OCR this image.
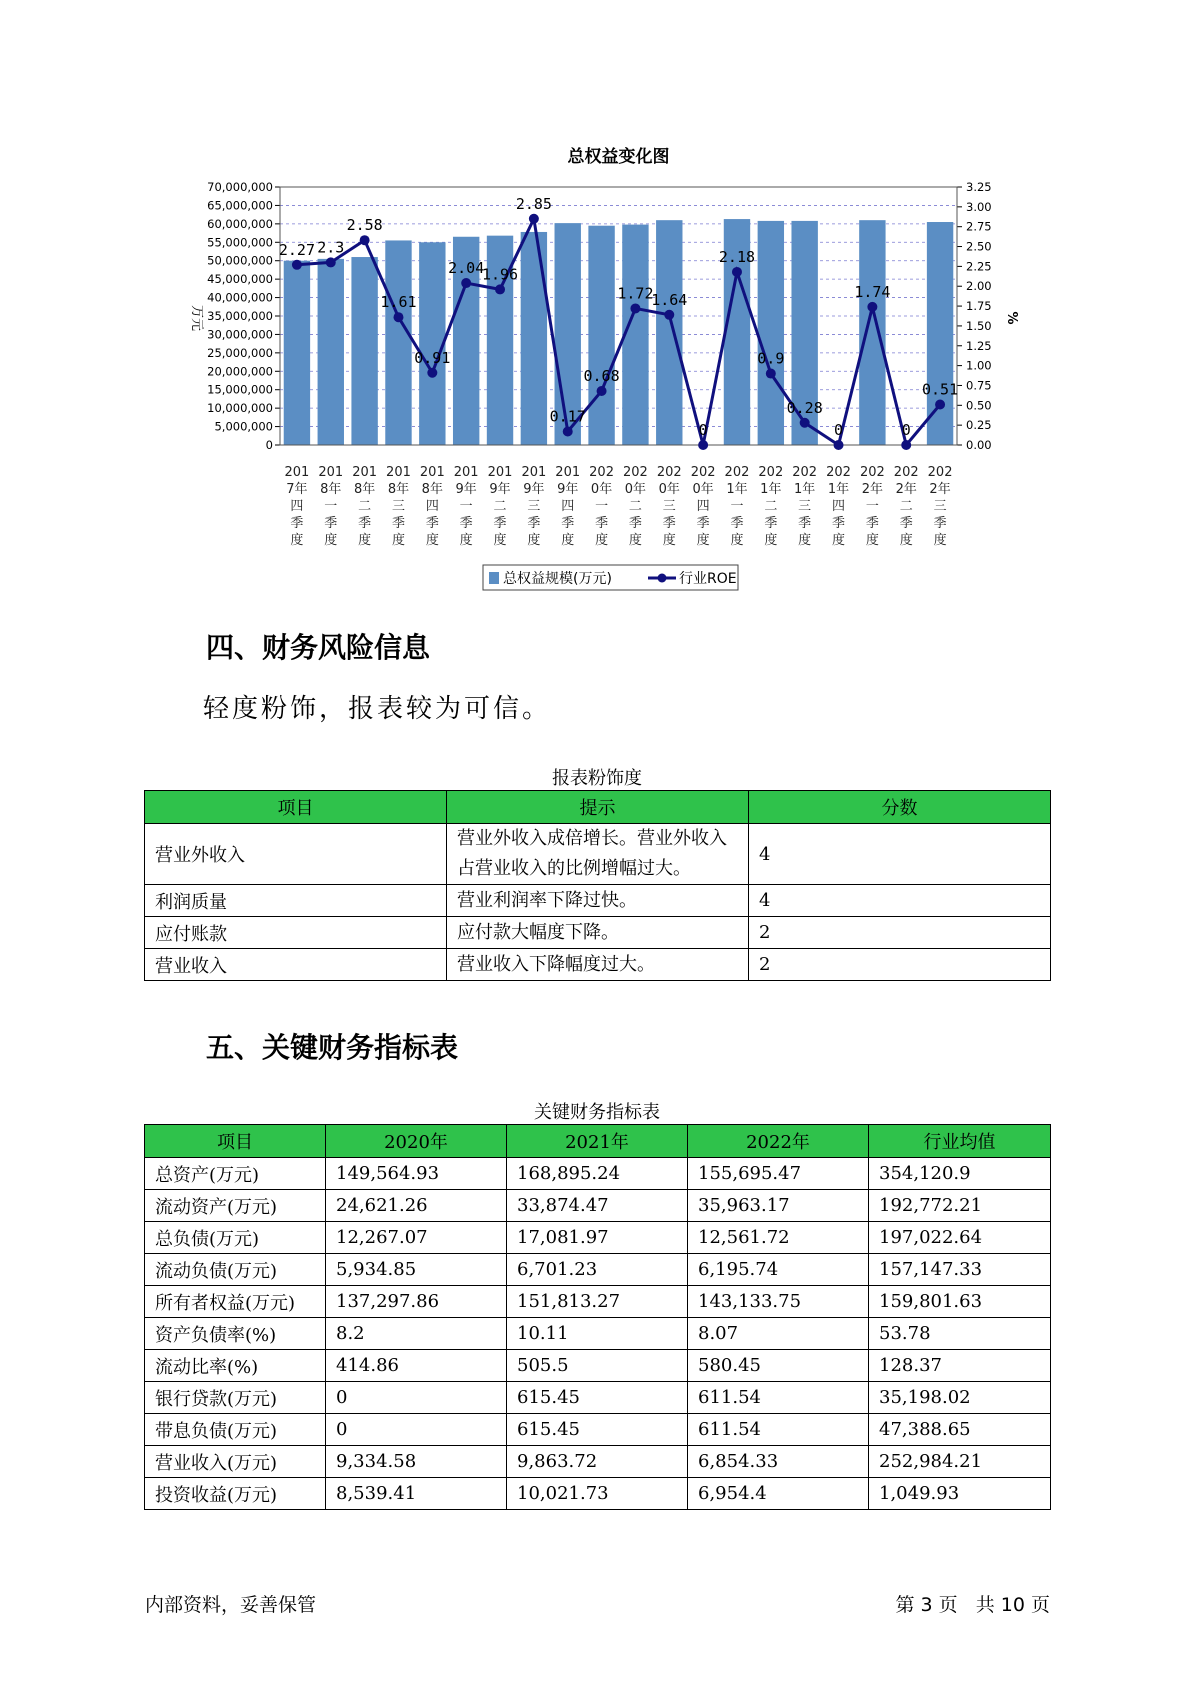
总权益变化图
70,000,000
65,000,000
60,000,000
55,000,000
50,000,000
45,000,000
40,000,000
35,000,000
30,000,000
25,000,000
20,000,000
15,000,000
10,000,000
5,000,000
0
3.25
3.00
2.75
2.50
2.25
2.00
1.75
1.50
1.25
1.00
0.75
0.50
0.25
0.00
万元	%
2.27 2.3
2.58
1.61
0.91
2.04
1.96
2.85
0.17
0.68
1.72
1.64
0
2.18
0.9
0.28
0
1.74
0
0.51
201
7年
四
季
度
201
8年
一
季
度
201
8年
二
季
度
201
8年
三
季
度
201
8年
四
季
度
201
9年
一
季
度
201
9年
二
季
度
201
9年
三
季
度
201
9年
四
季
度
202
0年
一
季
度
202
0年
二
季
度
202
0年
三
季
度
202
0年
四
季
度
202
1年
一
季
度
202
1年
二
季
度
202
1年
三
季
度
202
1年
四
季
度
202
2年
一
季
度
202
2年
二
季
度
202
2年
三
季
度
总权益规模(万元)	行业ROE
四、财务风险信息

轻度粉饰，报表较为可信。

报表粉饰度

项目	提示	分数
营业外收入	营业外收入成倍增长。营业外收入占营业收入的比例增幅过大。	4
利润质量	营业利润率下降过快。	4
应付账款	应付款大幅度下降。	2
营业收入	营业收入下降幅度过大。	2
五、关键财务指标表

关键财务指标表

项目	2020年	2021年	2022年	行业均值
总资产(万元)	149,564.93	168,895.24	155,695.47	354,120.9
流动资产(万元)	24,621.26	33,874.47	35,963.17	192,772.21
总负债(万元)	12,267.07	17,081.97	12,561.72	197,022.64
流动负债(万元)	5,934.85	6,701.23	6,195.74	157,147.33
所有者权益(万元)	137,297.86	151,813.27	143,133.75	159,801.63
资产负债率(%)	8.2	10.11	8.07	53.78
流动比率(%)	414.86	505.5	580.45	128.37
银行贷款(万元)	0	615.45	611.54	35,198.02
带息负债(万元)	0	615.45	611.54	47,388.65
营业收入(万元)	9,334.58	9,863.72	6,854.33	252,984.21
投资收益(万元)	8,539.41	10,021.73	6,954.4	1,049.93
内部资料，妥善保管	第 3 页   共 10 页
